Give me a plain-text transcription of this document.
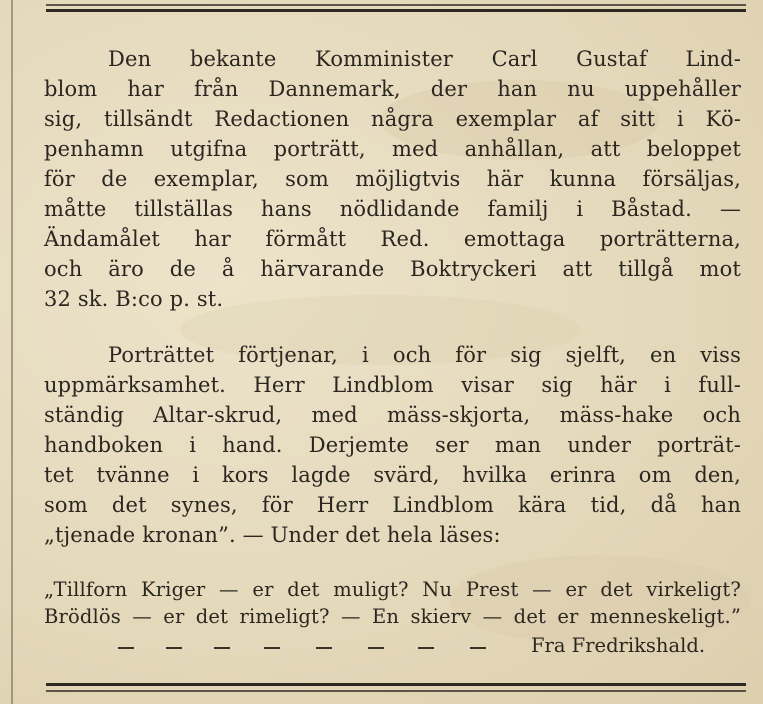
Den bekante Komminister Carl Gustaf Lind-
blom har från Dannemark, der han nu uppehåller
sig, tillsändt Redactionen några exemplar af sitt i Kö-
penhamn utgifna porträtt, med anhållan, att beloppet
för de exemplar, som möjligtvis här kunna försäljas,
måtte tillställas hans nödlidande familj i Båstad. —
Ändamålet har förmått Red. emottaga porträtterna,
och äro de å härvarande Boktryckeri att tillgå mot
32 sk. B:co p. st.
Porträttet förtjenar, i och för sig sjelft, en viss
uppmärksamhet. Herr Lindblom visar sig här i full-
ständig Altar-skrud, med mäss-skjorta, mäss-hake och
handboken i hand. Derjemte ser man under porträt-
tet tvänne i kors lagde svärd, hvilka erinra om den,
som det synes, för Herr Lindblom kära tid, då han
„tjenade kronan”. — Under det hela läses:
„Tillforn Kriger — er det muligt? Nu Prest — er det virkeligt?
Brödlös — er det rimeligt? — En skierv — det er menneskeligt.”
Fra Fredrikshald.
